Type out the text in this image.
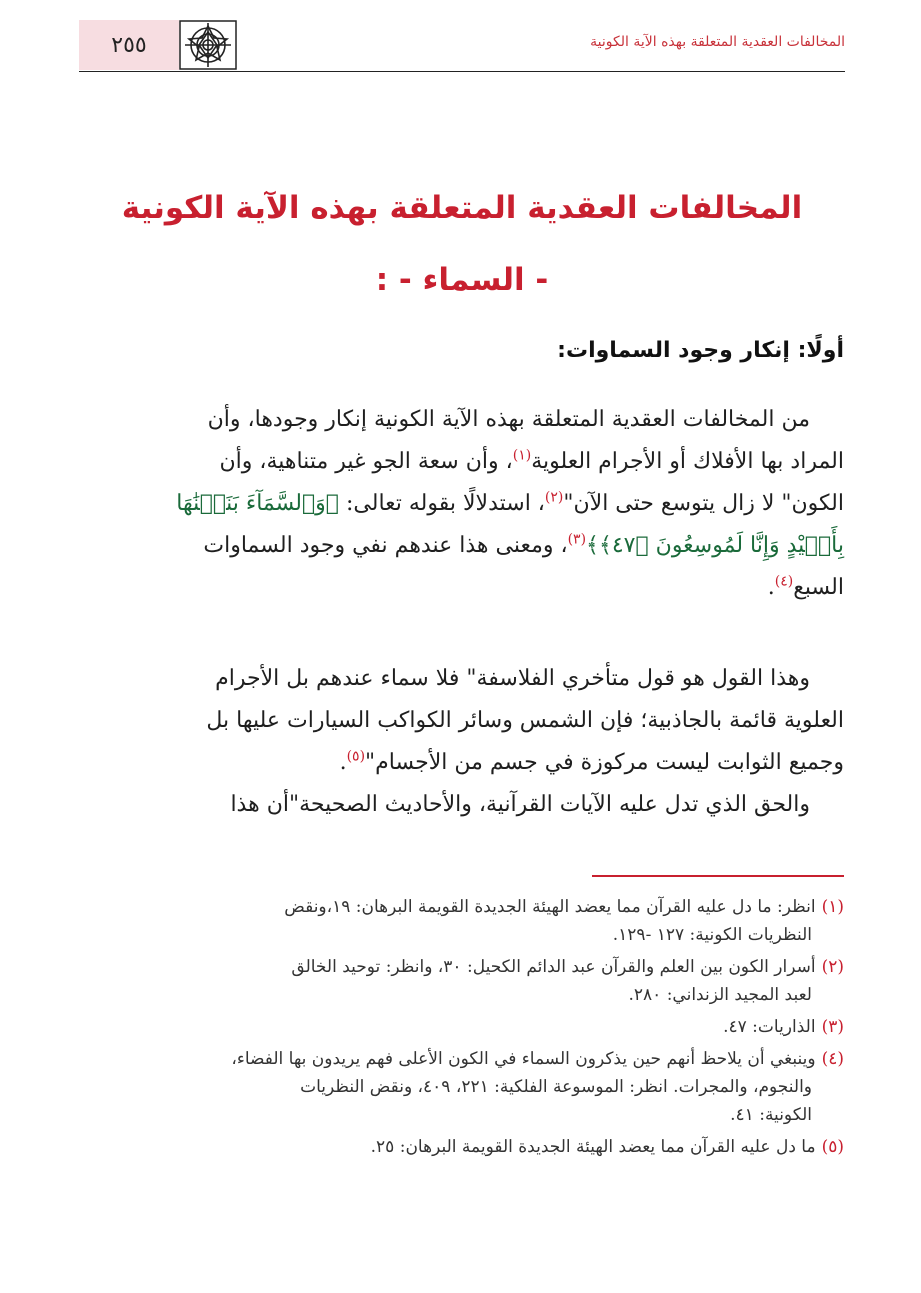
المخالفات العقدية المتعلقة بهذه الآية الكونية
٢٥٥
المخالفات العقدية المتعلقة بهذه الآية الكونية
- السماء - :
أولًا: إنكار وجود السماوات:
من المخالفات العقدية المتعلقة بهذه الآية الكونية إنكار وجودها، وأن
المراد بها الأفلاك أو الأجرام العلوية$^{(١)}$، وأن سعة الجو غير متناهية، وأن
الكون" لا زال يتوسع حتى الآن"$^{(٢)}$، استدلالًا بقوله تعالى: ﴿وَٱلسَّمَآءَ بَنَيۡنَٰهَا
بِأَيۡيْدٍ وَإِنَّا لَمُوسِعُونَ ﴿٤٧﴾﴾$^{(٣)}$، ومعنى هذا عندهم نفي وجود السماوات
السبع$^{(٤)}$.
وهذا القول هو قول متأخري الفلاسفة" فلا سماء عندهم بل الأجرام
العلوية قائمة بالجاذبية؛ فإن الشمس وسائر الكواكب السيارات عليها بل
وجميع الثوابت ليست مركوزة في جسم من الأجسام"$^{(٥)}$.
والحق الذي تدل عليه الآيات القرآنية، والأحاديث الصحيحة"أن هذا
(١)انظر: ما دل عليه القرآن مما يعضد الهيئة الجديدة القويمة البرهان: ١٩،ونقض
النظريات الكونية: ١٢٧ -١٢٩.
(٢)أسرار الكون بين العلم والقرآن عبد الدائم الكحيل: ٣٠، وانظر: توحيد الخالق
لعبد المجيد الزنداني: ٢٨٠.
(٣)الذاريات: ٤٧.
(٤)وينبغي أن يلاحظ أنهم حين يذكرون السماء في الكون الأعلى فهم يريدون بها الفضاء،
والنجوم، والمجرات. انظر: الموسوعة الفلكية: ٢٢١، ٤٠٩، ونقض النظريات
الكونية: ٤١.
(٥)ما دل عليه القرآن مما يعضد الهيئة الجديدة القويمة البرهان: ٢٥.
